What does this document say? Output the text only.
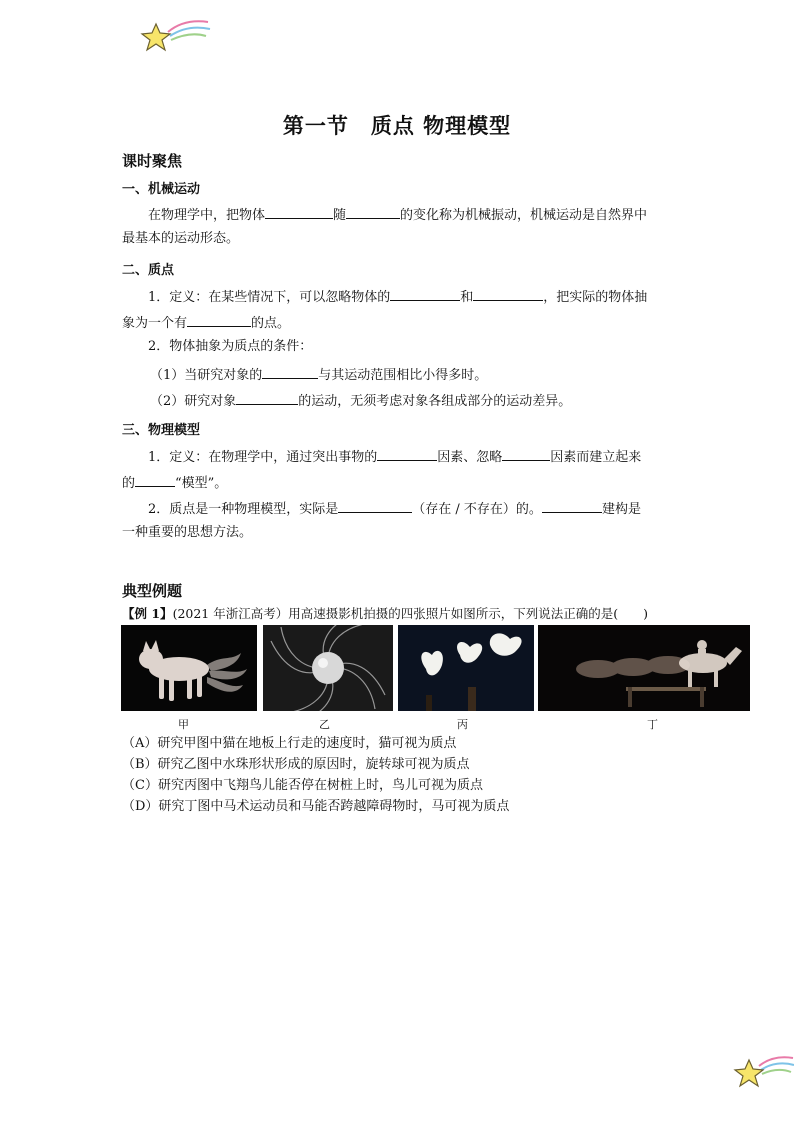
第一节　质点 物理模型
课时聚焦
一、机械运动
在物理学中，把物体	随	的变化称为机械振动，机械运动是自然界中
最基本的运动形态。
二、质点
1．定义：在某些情况下，可以忽略物体的	和	，把实际的物体抽
象为一个有	的点。
2．物体抽象为质点的条件：
（1）当研究对象的	与其运动范围相比小得多时。
（2）研究对象	的运动，无须考虑对象各组成部分的运动差异。
三、物理模型
1．定义：在物理学中，通过突出事物的	因素、忽略	因素而建立起来
的	“模型”。
2．质点是一种物理模型，实际是	（存在 / 不存在）的。	建构是
一种重要的思想方法。
典型例题
【例 1】(2021 年浙江高考）用高速摄影机拍摄的四张照片如图所示，下列说法正确的是(　　)
甲	乙	丙	丁
（A）研究甲图中猫在地板上行走的速度时，猫可视为质点
（B）研究乙图中水珠形状形成的原因时，旋转球可视为质点
（C）研究丙图中飞翔鸟儿能否停在树桩上时，鸟儿可视为质点
（D）研究丁图中马术运动员和马能否跨越障碍物时，马可视为质点
